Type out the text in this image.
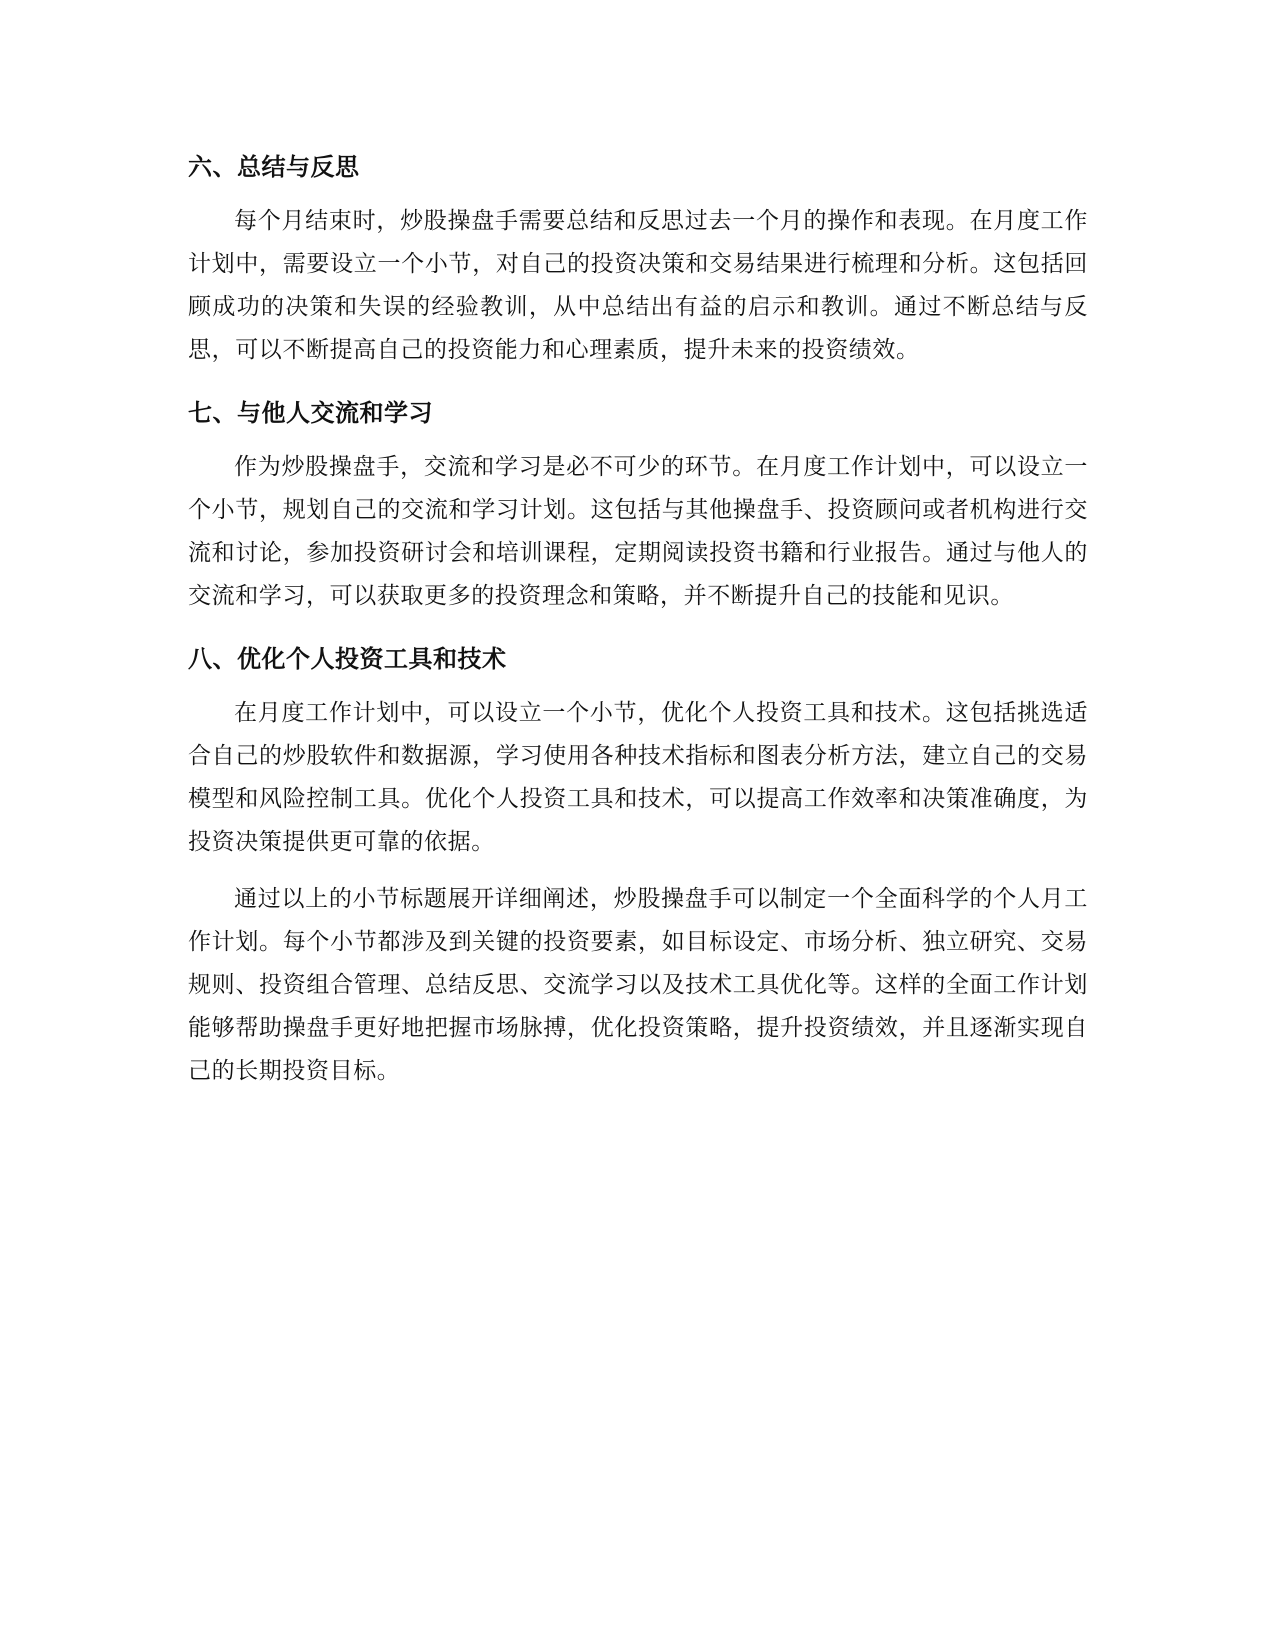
六、总结与反思

每个月结束时，炒股操盘手需要总结和反思过去一个月的操作和表现。在月度工作计划中，需要设立一个小节，对自己的投资决策和交易结果进行梳理和分析。这包括回顾成功的决策和失误的经验教训，从中总结出有益的启示和教训。通过不断总结与反思，可以不断提高自己的投资能力和心理素质，提升未来的投资绩效。

七、与他人交流和学习

作为炒股操盘手，交流和学习是必不可少的环节。在月度工作计划中，可以设立一个小节，规划自己的交流和学习计划。这包括与其他操盘手、投资顾问或者机构进行交流和讨论，参加投资研讨会和培训课程，定期阅读投资书籍和行业报告。通过与他人的交流和学习，可以获取更多的投资理念和策略，并不断提升自己的技能和见识。

八、优化个人投资工具和技术

在月度工作计划中，可以设立一个小节，优化个人投资工具和技术。这包括挑选适合自己的炒股软件和数据源，学习使用各种技术指标和图表分析方法，建立自己的交易模型和风险控制工具。优化个人投资工具和技术，可以提高工作效率和决策准确度，为投资决策提供更可靠的依据。

通过以上的小节标题展开详细阐述，炒股操盘手可以制定一个全面科学的个人月工作计划。每个小节都涉及到关键的投资要素，如目标设定、市场分析、独立研究、交易规则、投资组合管理、总结反思、交流学习以及技术工具优化等。这样的全面工作计划能够帮助操盘手更好地把握市场脉搏，优化投资策略，提升投资绩效，并且逐渐实现自己的长期投资目标。
